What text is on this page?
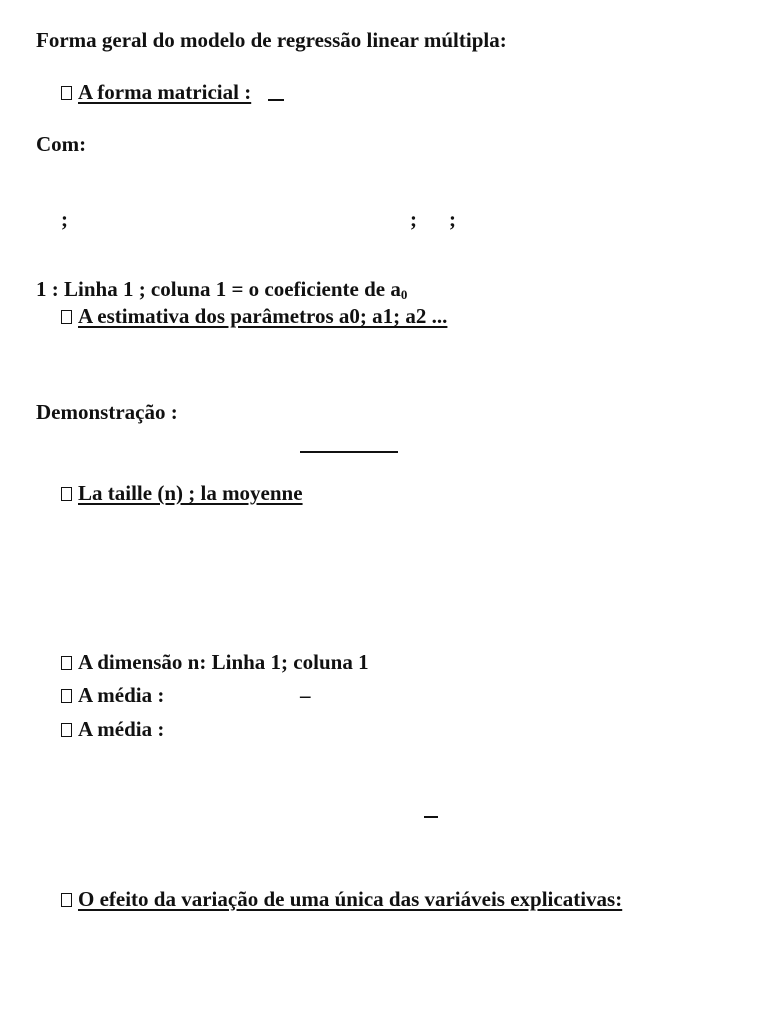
Forma geral do modelo de regressão linear múltipla:
A forma matricial :
Com:
;	; ;
1 : Linha 1 ; coluna 1 = o coeficiente de $a_0$
A estimativa dos parâmetros a0; a1; a2 ...
Demonstração :
La taille (n) ; la moyenne
A dimensão n: Linha 1; coluna 1
A média :	–
A média :
O efeito da variação de uma única das variáveis explicativas:
